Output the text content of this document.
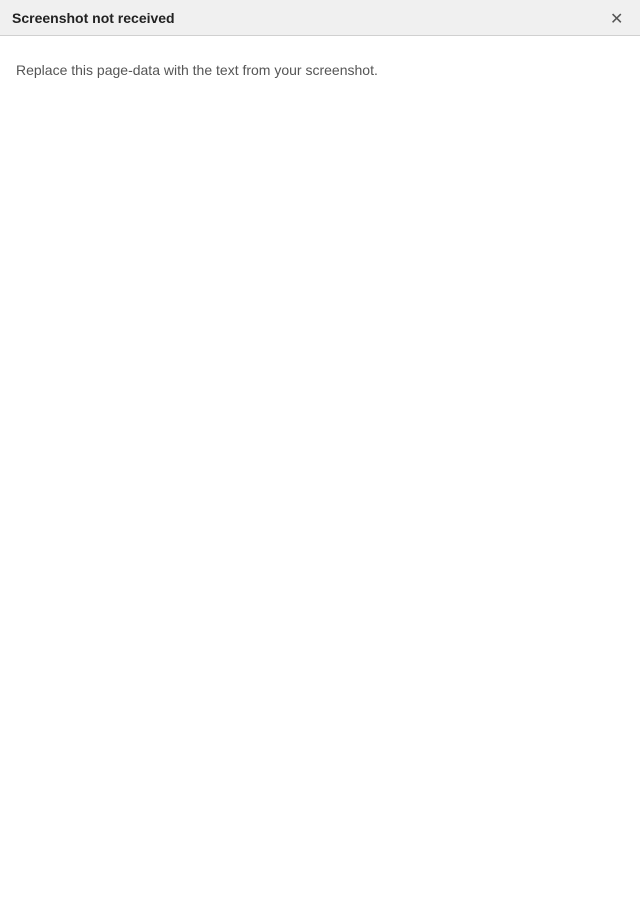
Screenshot not received	✕

Replace this page-data with the text from your screenshot.
